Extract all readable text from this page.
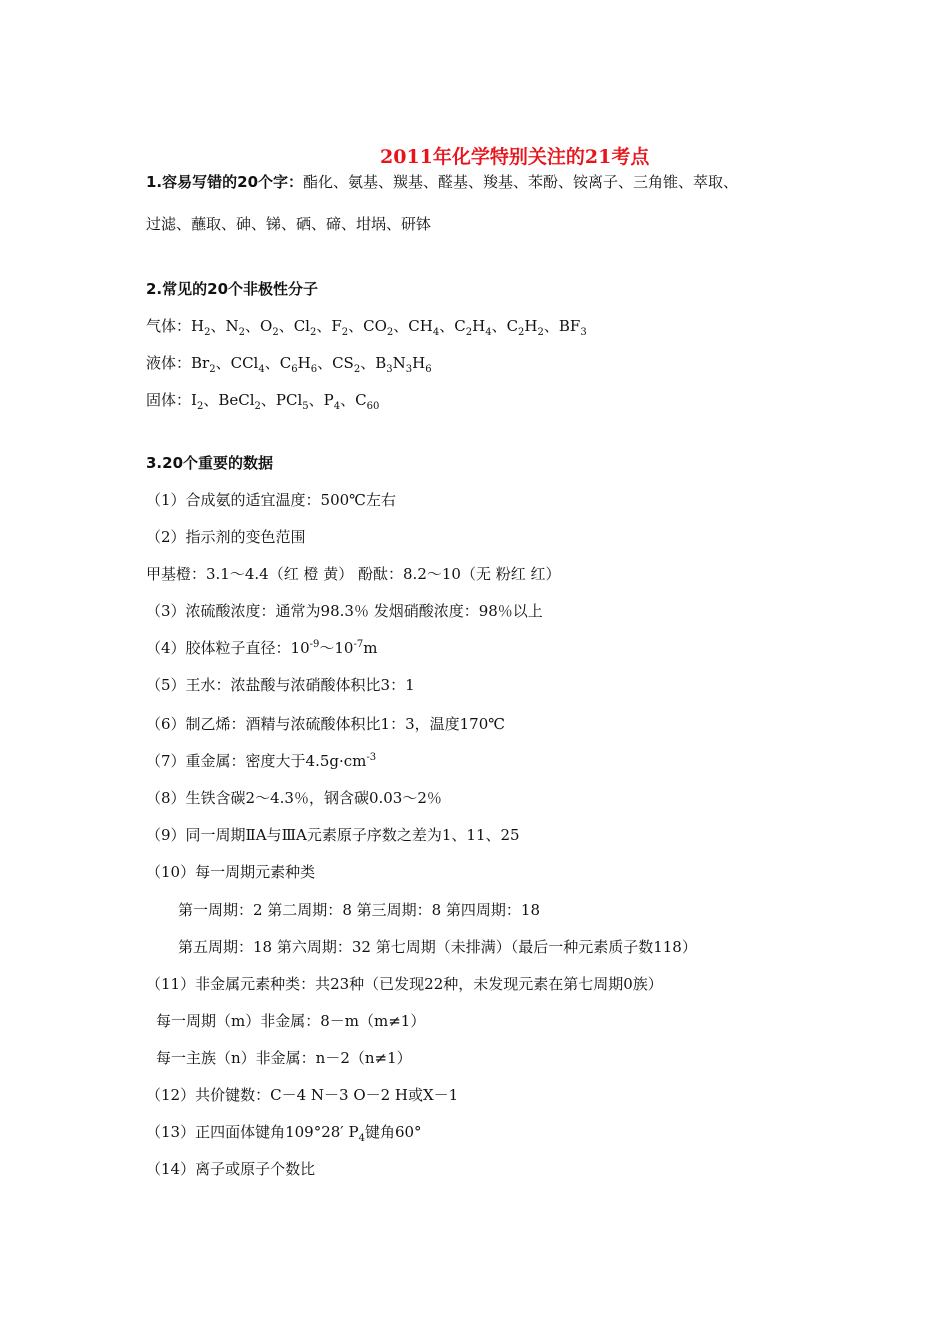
2011年化学特别关注的21考点
1.容易写错的20个字：酯化、氨基、羰基、醛基、羧基、苯酚、铵离子、三角锥、萃取、
过滤、蘸取、砷、锑、硒、碲、坩埚、研钵
2.常见的20个非极性分子
气体：$H_2$、$N_2$、$O_2$、$Cl_2$、$F_2$、$CO_2$、$CH_4$、$C_2H_4$、$C_2H_2$、$BF_3$
液体：$Br_2$、CCl$_4$、$C_6H_6$、$CS_2$、$B_3N_3H_6$
固体：$I_2$、BeCl$_2$、PCl$_5$、$P_4$、$C_{60}$
3.20个重要的数据
（1）合成氨的适宜温度：500℃左右
（2）指示剂的变色范围
甲基橙：3.1～4.4（红 橙 黄） 酚酞：8.2～10（无 粉红 红）
（3）浓硫酸浓度：通常为98.3％ 发烟硝酸浓度：98％以上
（4）胶体粒子直径：$10^{-9}\sim 10^{-7}m$
（5）王水：浓盐酸与浓硝酸体积比3：1
（6）制乙烯：酒精与浓硫酸体积比1：3，温度170℃
（7）重金属：密度大于$4.5g\cdot cm^{-3}$
（8）生铁含碳2～4.3％，钢含碳0.03～2％
（9）同一周期ⅡA与ⅢA元素原子序数之差为1、11、25
（10）每一周期元素种类
第一周期：2 第二周期：8 第三周期：8 第四周期：18
第五周期：18 第六周期：32 第七周期（未排满）（最后一种元素质子数118）
（11）非金属元素种类：共23种（已发现22种，未发现元素在第七周期0族）
每一周期（m）非金属：8－m（m≠1）
每一主族（n）非金属：n－2（n≠1）
（12）共价键数：C－4 N－3 O－2 H或X－1
（13）正四面体键角109°28′ $P_4$键角60°
（14）离子或原子个数比
